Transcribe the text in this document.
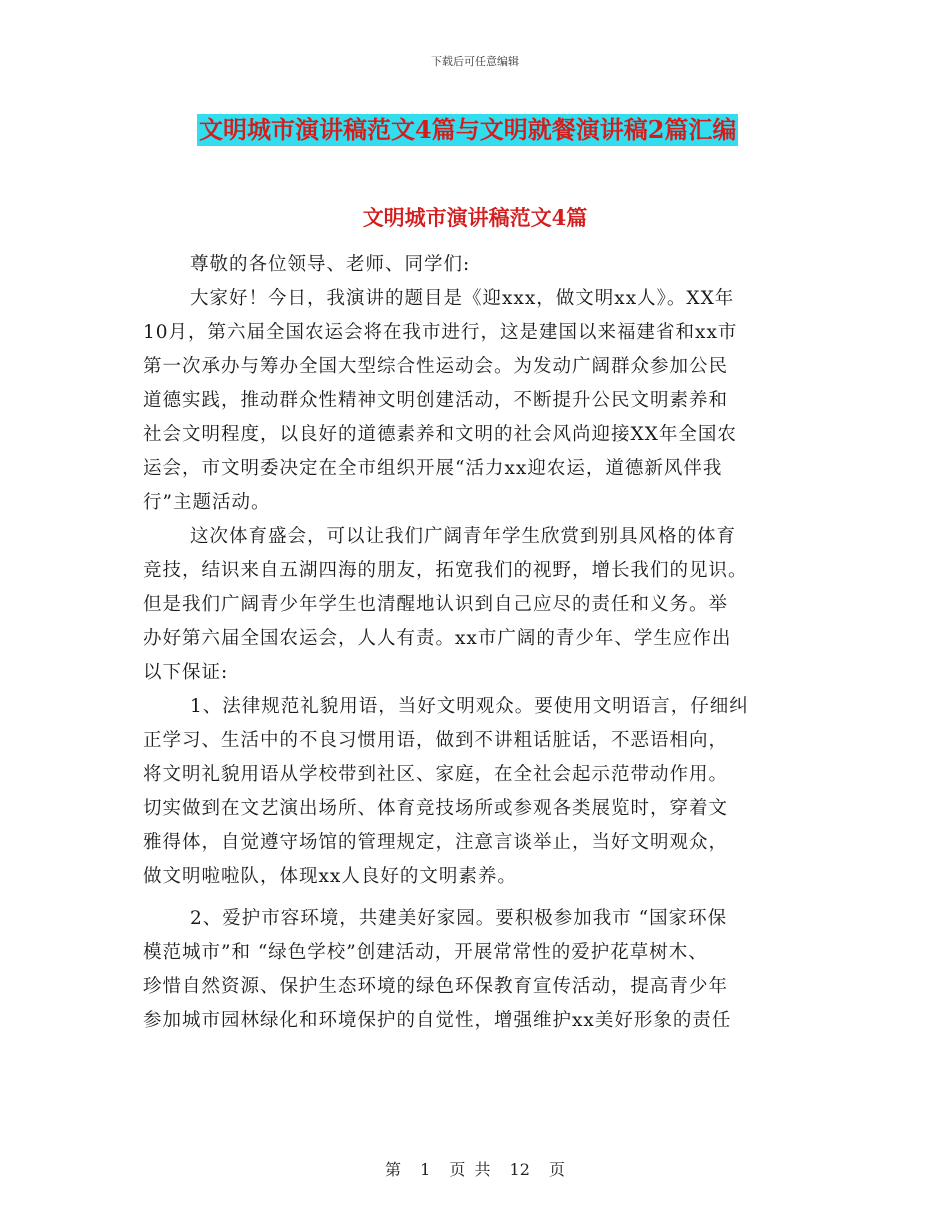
下载后可任意编辑
文明城市演讲稿范文4篇与文明就餐演讲稿2篇汇编
文明城市演讲稿范文4篇
尊敬的各位领导、老师、同学们:
大家好！今日，我演讲的题目是《迎xxx，做文明xx人》。XX年
10月，第六届全国农运会将在我市进行，这是建国以来福建省和xx市
第一次承办与筹办全国大型综合性运动会。为发动广阔群众参加公民
道德实践，推动群众性精神文明创建活动，不断提升公民文明素养和
社会文明程度，以良好的道德素养和文明的社会风尚迎接XX年全国农
运会，市文明委决定在全市组织开展“活力xx迎农运，道德新风伴我
行”主题活动。
这次体育盛会，可以让我们广阔青年学生欣赏到别具风格的体育
竞技，结识来自五湖四海的朋友，拓宽我们的视野，增长我们的见识。
但是我们广阔青少年学生也清醒地认识到自己应尽的责任和义务。举
办好第六届全国农运会，人人有责。xx市广阔的青少年、学生应作出
以下保证:
1、法律规范礼貌用语，当好文明观众。要使用文明语言，仔细纠
正学习、生活中的不良习惯用语，做到不讲粗话脏话，不恶语相向，
将文明礼貌用语从学校带到社区、家庭，在全社会起示范带动作用。
切实做到在文艺演出场所、体育竞技场所或参观各类展览时，穿着文
雅得体，自觉遵守场馆的管理规定，注意言谈举止，当好文明观众，
做文明啦啦队，体现xx人良好的文明素养。
2、爱护市容环境，共建美好家园。要积极参加我市 “国家环保
模范城市”和 “绿色学校”创建活动，开展常常性的爱护花草树木、
珍惜自然资源、保护生态环境的绿色环保教育宣传活动，提高青少年
参加城市园林绿化和环境保护的自觉性，增强维护xx美好形象的责任
第 1 页 共 12 页
